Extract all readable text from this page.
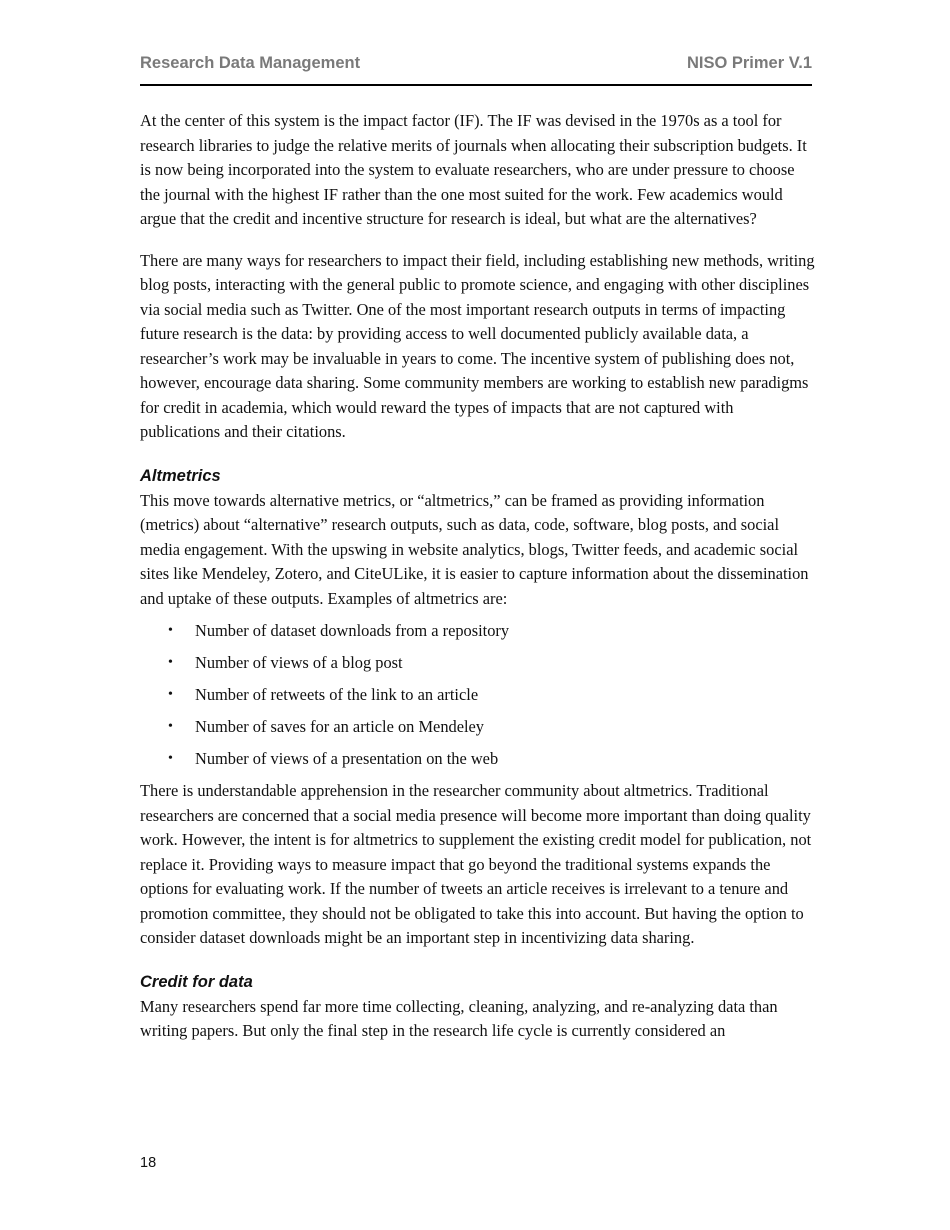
Research Data Management	NISO Primer V.1

At the center of this system is the impact factor (IF). The IF was devised in the 1970s as a tool for research libraries to judge the relative merits of journals when allocating their subscription budgets. It is now being incorporated into the system to evaluate researchers, who are under pressure to choose the journal with the highest IF rather than the one most suited for the work. Few academics would argue that the credit and incentive structure for research is ideal, but what are the alternatives?

There are many ways for researchers to impact their field, including establishing new methods, writing blog posts, interacting with the general public to promote science, and engaging with other disciplines via social media such as Twitter. One of the most important research outputs in terms of impacting future research is the data: by providing access to well documented publicly available data, a researcher’s work may be invaluable in years to come. The incentive system of publishing does not, however, encourage data sharing. Some community members are working to establish new paradigms for credit in academia, which would reward the types of impacts that are not captured with publications and their citations.

Altmetrics

This move towards alternative metrics, or “altmetrics,” can be framed as providing information (metrics) about “alternative” research outputs, such as data, code, software, blog posts, and social media engagement. With the upswing in website analytics, blogs, Twitter feeds, and academic social sites like Mendeley, Zotero, and CiteULike, it is easier to capture information about the dissemination and uptake of these outputs. Examples of altmetrics are:

• Number of dataset downloads from a repository
• Number of views of a blog post
• Number of retweets of the link to an article
• Number of saves for an article on Mendeley
• Number of views of a presentation on the web

There is understandable apprehension in the researcher community about altmetrics. Traditional researchers are concerned that a social media presence will become more important than doing quality work. However, the intent is for altmetrics to supplement the existing credit model for publication, not replace it. Providing ways to measure impact that go beyond the traditional systems expands the options for evaluating work. If the number of tweets an article receives is irrelevant to a tenure and promotion committee, they should not be obligated to take this into account. But having the option to consider dataset downloads might be an important step in incentivizing data sharing.

Credit for data

Many researchers spend far more time collecting, cleaning, analyzing, and re-analyzing data than writing papers. But only the final step in the research life cycle is currently considered an

18
